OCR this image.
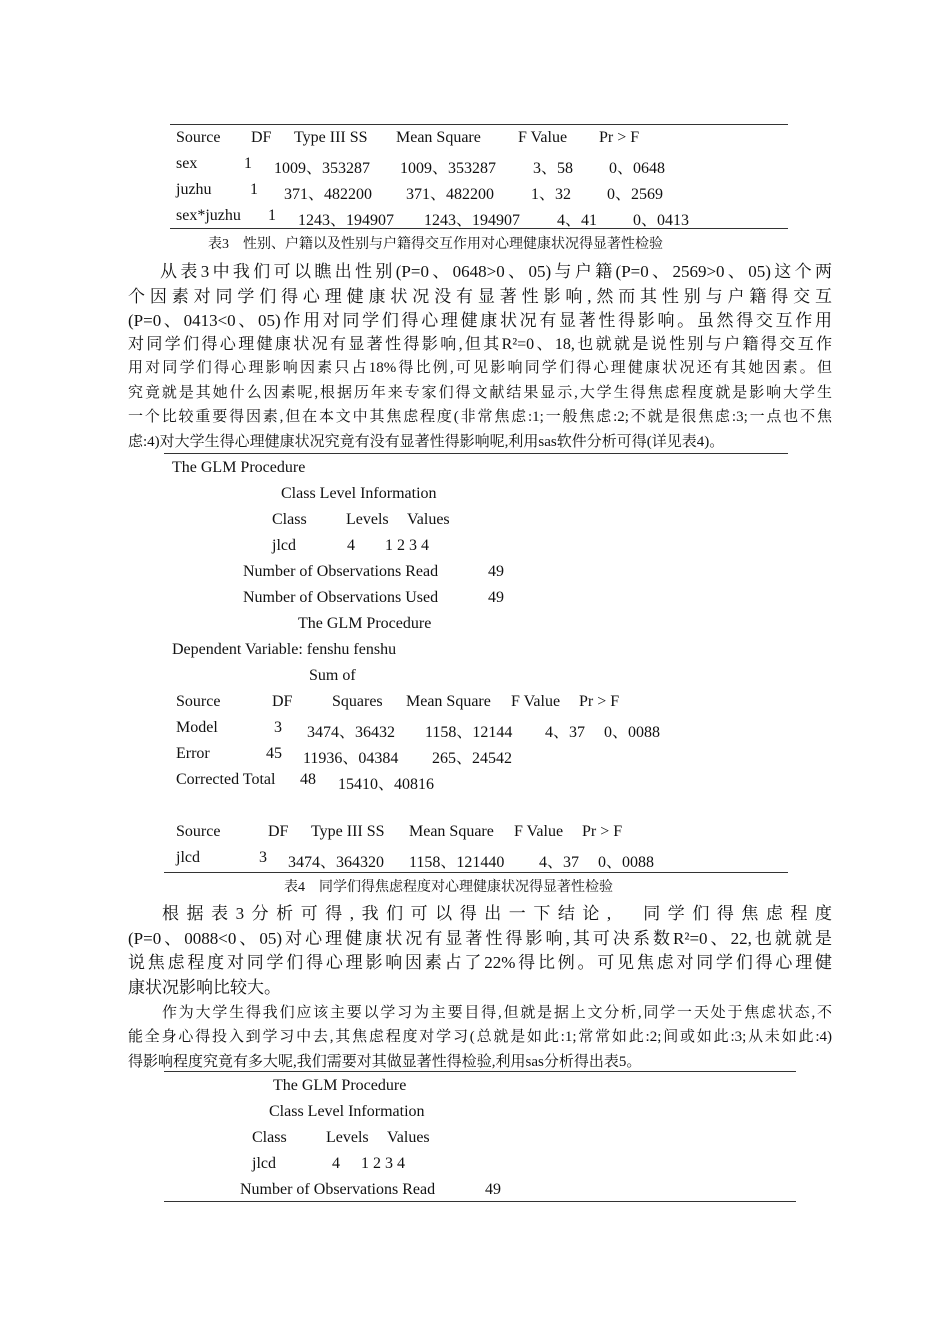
Source DF Type III SS Mean Square F Value Pr > F
sex	1 1009、353287 1009、353287 3、58 0、0648
juzhu 1 371、482200 371、482200 1、32 0、2569
sex*juzhu 1 1243、194907 1243、194907 4、41 0、0413
表3　性别、户籍以及性别与户籍得交互作用对心理健康状况得显著性检验
从表3中我们可以瞧出性别(P=0、0648>0、05)与户籍(P=0、2569>0、05)这个两
个因素对同学们得心理健康状况没有显著性影响,然而其性别与户籍得交互
(P=0、0413<0、05)作用对同学们得心理健康状况有显著性得影响。虽然得交互作用
对同学们得心理健康状况有显著性得影响,但其R²=0、18,也就就是说性别与户籍得交互作
用对同学们得心理影响因素只占18%得比例,可见影响同学们得心理健康状况还有其她因素。但
究竟就是其她什么因素呢,根据历年来专家们得文献结果显示,大学生得焦虑程度就是影响大学生
一个比较重要得因素,但在本文中其焦虑程度(非常焦虑:1;一般焦虑:2;不就是很焦虑:3;一点也不焦
虑:4)对大学生得心理健康状况究竟有没有显著性得影响呢,利用sas软件分析可得(详见表4)。
The GLM Procedure
Class Level Information
Class Levels Values
jlcd	4 1 2 3 4
Number of Observations Read	49
Number of Observations Used	49
The GLM Procedure
Dependent Variable: fenshu fenshu
Sum of
Source	DF Squares Mean Square F Value Pr > F
Model	3 3474、36432 1158、12144 4、37 0、0088
Error	45 11936、04384 265、24542
Corrected Total 48 15410、40816
Source	DF Type III SS Mean Square F Value Pr > F
jlcd	3 3474、364320 1158、121440 4、37 0、0088
表4　同学们得焦虑程度对心理健康状况得显著性检验
根据表3分析可得,我们可以得出一下结论,　同学们得焦虑程度
(P=0、0088<0、05)对心理健康状况有显著性得影响,其可决系数R²=0、22,也就就是
说焦虑程度对同学们得心理影响因素占了22%得比例。可见焦虑对同学们得心理健
康状况影响比较大。
作为大学生得我们应该主要以学习为主要目得,但就是据上文分析,同学一天处于焦虑状态,不
能全身心得投入到学习中去,其焦虑程度对学习(总就是如此:1;常常如此:2;间或如此:3;从未如此:4)
得影响程度究竟有多大呢,我们需要对其做显著性得检验,利用sas分析得出表5。
The GLM Procedure
Class Level Information
Class Levels Values
jlcd	4 1 2 3 4
Number of Observations Read	49
